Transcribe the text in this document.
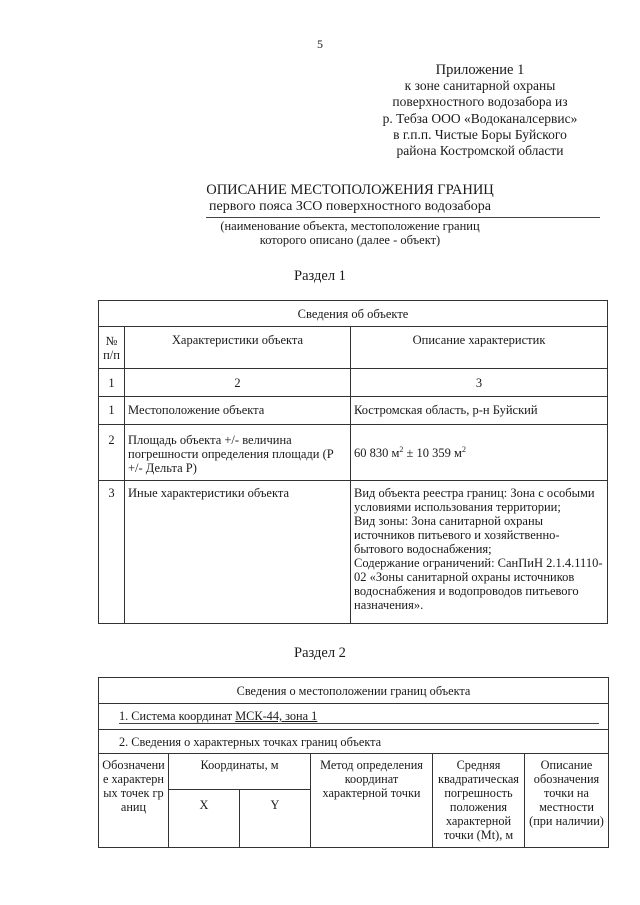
5
Приложение 1
к зоне санитарной охраны
поверхностного водозабора из
р. Тебза ООО «Водоканалсервис»
в г.п.п. Чистые Боры Буйского
района Костромской области
ОПИСАНИЕ МЕСТОПОЛОЖЕНИЯ ГРАНИЦ
первого пояса ЗСО поверхностного водозабора
(наименование объекта, местоположение границ
которого описано (далее - объект)
Раздел 1
Сведения об объекте		
№ п/п	Характеристики объекта	Описание характеристик
1	2	3
1	Местоположение объекта	Костромская область, р-н Буйский
2	Площадь объекта +/- величина погрешности определения площади (Р +/- Дельта Р)	60 830 $м^2 \pm 10$ 359 $м^2$
3	Иные характеристики объекта	Вид объекта реестра границ: Зона с особыми условиями использования территории;
Вид зоны: Зона санитарной охраны источников питьевого и хозяйственно-бытового водоснабжения;
Содержание ограничений: СанПиН 2.1.4.1110-02 «Зоны санитарной охраны источников водоснабжения и водопроводов питьевого назначения».
Раздел 2
Сведения о местоположении границ объекта					
1. Система координат МСК-44, зона 1					
2. Сведения о характерных точках границ объекта					
Обозначение характерных точек границ	Координаты, м		Метод определения координат характерной точки	Средняя квадратическая погрешность положения характерной точки (Mt), м	Описание обозначения точки на местности (при наличии)
	X	Y			
